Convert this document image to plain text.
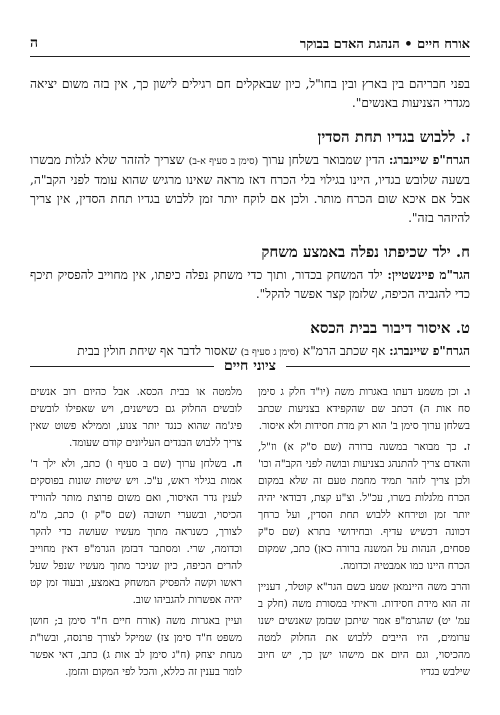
אורח חיים • הנהגת האדם בבוקר
ה

בפני חבריהם בין בארץ ובין בחו"ל, כיון שבאקלים חם רגילים לישון כך, אין בזה משום יציאה מגדרי הצניעות באנשים".

ז. ללבוש בגדיו תחת הסדין

הגרח"פ שיינברג: הדין שמבואר בשלחן ערוך (סימן ב סעיף א-ב) שצריך להזהר שלא לגלות מבשרו בשעה שלובש בגדיו, היינו בגילוי בלי הכרח דאז מראה שאינו מרגיש שהוא עומד לפני הקב"ה, אבל אם איכא שום הכרח מותר. ולכן אם לוקח יותר זמן ללבוש בגדיו תחת הסדין, אין צריך להיזהר בזה".

ח. ילד שכיפתו נפלה באמצע משחק

הגר"מ פיינשטיין: ילד המשחק בכדור, ותוך כדי משחק נפלה כיפתו, אין מחוייב להפסיק תיכף כדי להגביה הכיפה, שלזמן קצר אפשר להקל".

ט. איסור דיבור בבית הכסא

הגרח"פ שיינברג: אף שכתב הרמ"א (סימן ג סעיף ב) שאסור לדבר אף שיחת חולין בבית

ציוני חיים

ו. וכן משמע דעתו באגרות משה (יו"ד חלק ג סימן סח אות ה) דכתב שם שהקפידא בצניעות שכתב בשלחן ערוך סימן ב' הוא רק מדת חסידות ולא איסור.

ז. כך מבואר במשנה ברורה (שם ס"ק א) וז"ל, והאדם צריך להתנהג בצניעות ובושה לפני הקב"ה וכו' ולכן צריך לזהר תמיד מחמת טעם זה שלא במקום הכרח מלגלות בשרו, עכ"ל. וצ"ע קצת, דבודאי יהיה יותר זמן וטירחא ללבוש תחת הסדין, ועל כרחך דכוונה דכשיש עדיף. ובחידושי בתרא (שם ס"ק פסחים, הנהות על המשנה ברורה כאן) כתב, שמקום הכרח היינו כמו אמבטיה וכדומה.

והרב משה היינמאן שמע בשם הגר"א קוטלר, דעניין זה הוא מידת חסידות. וראיתי במסורת משה (חלק ב עמ' יט) שהגרמ"פ אמר שיתכן שבזמן שאנשים ישנו ערומים, היו הייבים ללבוש את החלוק למטה מהכיסוי, וגם היום אם מישהו ישן כך, יש חיוב שילבש בגדיו

מלמטה או בבית הכסא. אבל כהיום רוב אנשים לובשים החלוק גם כשישנים, ויש שאפילו לובשים פיג'מה שהוא כנגד יותר צנוע, וממילא פשוט שאין צריך ללבוש הבגדים העליונים קודם שעומד.

ח. בשלחן ערוך (שם ב סעיף ו) כתב, ולא ילך ד' אמות בגילוי ראש, ע"כ. ויש שיטות שונות בפוסקים לענין גדר האיסור, ואם משום פרוצת מותר להוריד הכיסוי, ובשערי תשובה (שם ס"ק ו) כתב, מ"מ לצורך, כשנראה מתוך מעשיו שעושה כדי להקר וכדומה, שרי. ומסתבר דבזמן הגרמ"פ דאין מחוייב להרים הכיפה, כיון שניכר מתוך מעשיו שנפל שעל ראשו וקשה להפסיק המשחק באמצע, ובעוד זמן קט יהיה אפשרות להגביהו שוב.

ועיין באגרות משה (אורח חיים ח"ד סימן ב; חושן משפט ח"ד סימן צז) שמיקל לצורך פרנסה, ובשו"ת מנחת יצחק (ח"ג סימן לב אות ג) כתב, דאי אפשר לומר בענין זה כללא, והכל לפי המקום והזמן.
